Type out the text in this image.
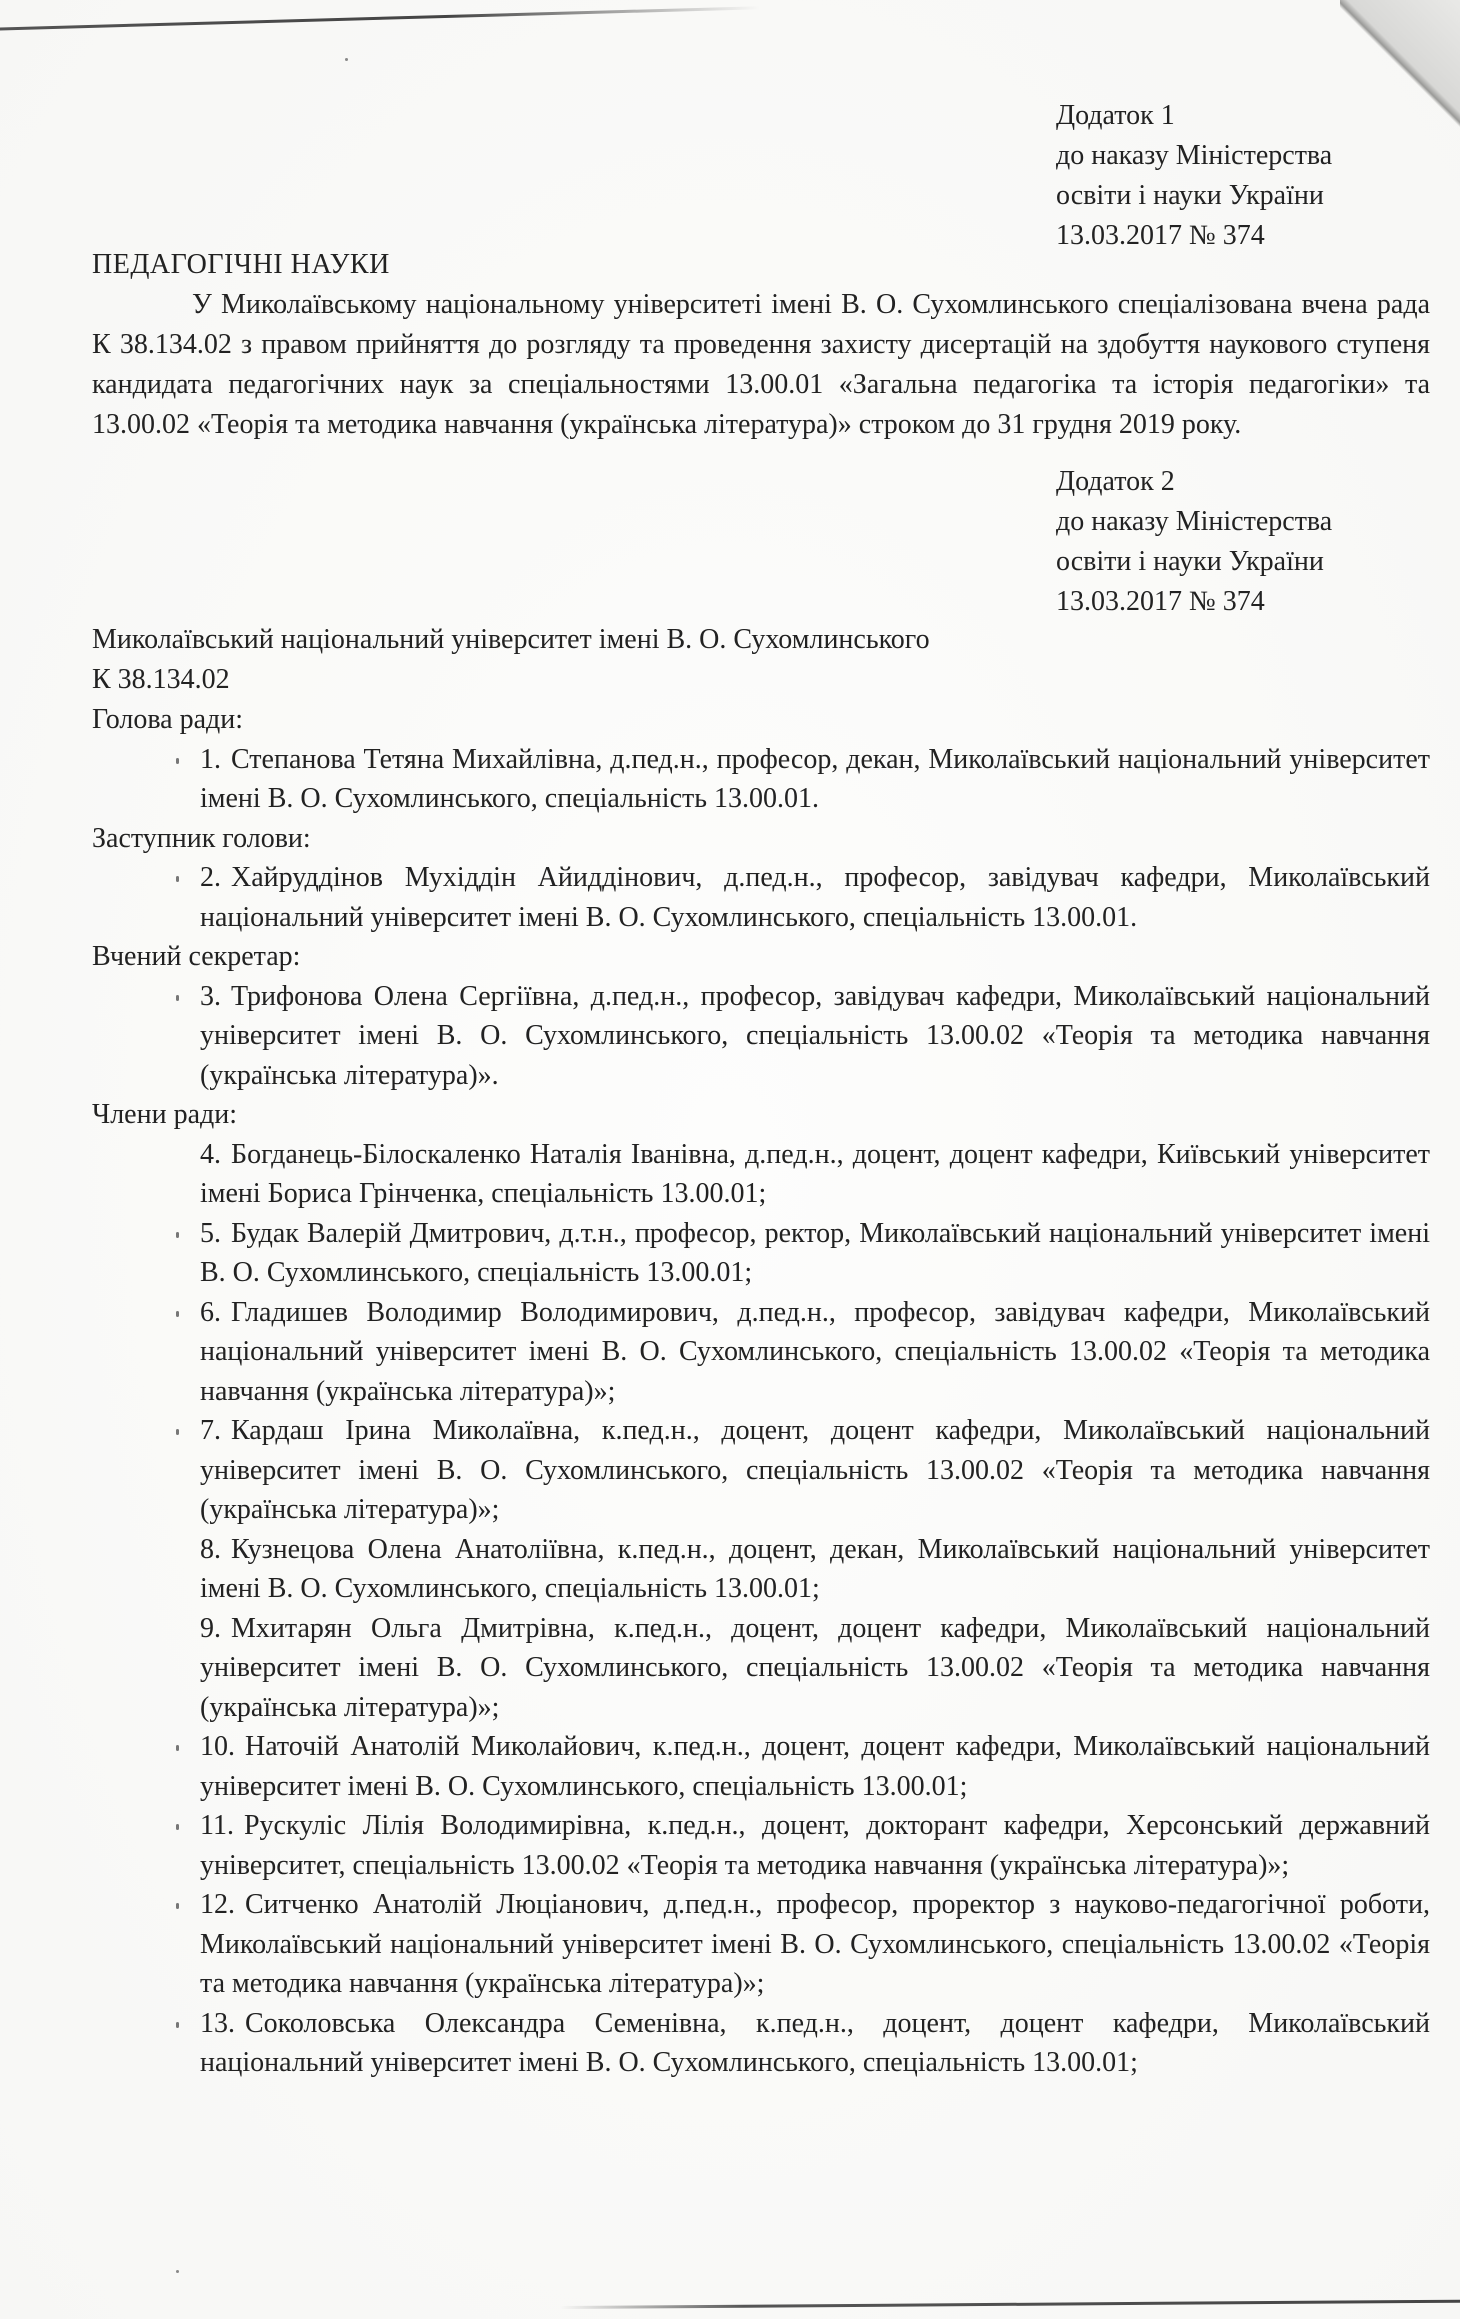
Додаток 1
до наказу Міністерства
освіти і науки України
13.03.2017 № 374
ПЕДАГОГІЧНІ НАУКИ
У Миколаївському національному університеті імені В. О. Сухомлинського спеціалізована вчена рада К 38.134.02 з правом прийняття до розгляду та проведення захисту дисертацій на здобуття наукового ступеня кандидата педагогічних наук за спеціальностями 13.00.01 «Загальна педагогіка та історія педагогіки» та 13.00.02 «Теорія та методика навчання (українська література)» строком до 31 грудня 2019 року.
Додаток 2
до наказу Міністерства
освіти і науки України
13.03.2017 № 374
Миколаївський національний університет імені В. О. Сухомлинського
К 38.134.02
Голова ради:
1. Степанова Тетяна Михайлівна, д.пед.н., професор, декан, Миколаївський національний університет імені В. О. Сухомлинського, спеціальність 13.00.01.
Заступник голови:
2. Хайруддінов Мухіддін Айиддінович, д.пед.н., професор, завідувач кафедри, Миколаївський національний університет імені В. О. Сухомлинського, спеціальність 13.00.01.
Вчений секретар:
3. Трифонова Олена Сергіївна, д.пед.н., професор, завідувач кафедри, Миколаївський національний університет імені В. О. Сухомлинського, спеціальність 13.00.02 «Теорія та методика навчання (українська література)».
Члени ради:
4. Богданець-Білоскаленко Наталія Іванівна, д.пед.н., доцент, доцент кафедри, Київський університет імені Бориса Грінченка, спеціальність 13.00.01;
5. Будак Валерій Дмитрович, д.т.н., професор, ректор, Миколаївський національний університет імені В. О. Сухомлинського, спеціальність 13.00.01;
6. Гладишев Володимир Володимирович, д.пед.н., професор, завідувач кафедри, Миколаївський національний університет імені В. О. Сухомлинського, спеціальність 13.00.02 «Теорія та методика навчання (українська література)»;
7. Кардаш Ірина Миколаївна, к.пед.н., доцент, доцент кафедри, Миколаївський національний університет імені В. О. Сухомлинського, спеціальність 13.00.02 «Теорія та методика навчання (українська література)»;
8. Кузнецова Олена Анатоліївна, к.пед.н., доцент, декан, Миколаївський національний університет імені В. О. Сухомлинського, спеціальність 13.00.01;
9. Мхитарян Ольга Дмитрівна, к.пед.н., доцент, доцент кафедри, Миколаївський національний університет імені В. О. Сухомлинського, спеціальність 13.00.02 «Теорія та методика навчання (українська література)»;
10. Наточій Анатолій Миколайович, к.пед.н., доцент, доцент кафедри, Миколаївський національний університет імені В. О. Сухомлинського, спеціальність 13.00.01;
11. Рускуліс Лілія Володимирівна, к.пед.н., доцент, докторант кафедри, Херсонський державний університет, спеціальність 13.00.02 «Теорія та методика навчання (українська література)»;
12. Ситченко Анатолій Люціанович, д.пед.н., професор, проректор з науково-педагогічної роботи, Миколаївський національний університет імені В. О. Сухомлинського, спеціальність 13.00.02 «Теорія та методика навчання (українська література)»;
13. Соколовська Олександра Семенівна, к.пед.н., доцент, доцент кафедри, Миколаївський національний університет імені В. О. Сухомлинського, спеціальність 13.00.01;
